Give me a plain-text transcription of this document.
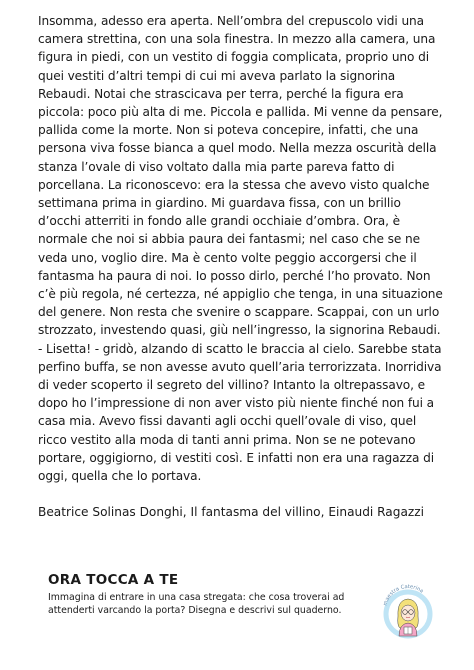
Insomma, adesso era aperta. Nell’ombra del crepuscolo vidi una camera strettina, con una sola finestra. In mezzo alla camera, una figura in piedi, con un vestito di foggia complicata, proprio uno di quei vestiti d’altri tempi di cui mi aveva parlato la signorina Rebaudi. Notai che strascicava per terra, perché la figura era piccola: poco più alta di me. Piccola e pallida. Mi venne da pensare, pallida come la morte. Non si poteva concepire, infatti, che una persona viva fosse bianca a quel modo. Nella mezza oscurità della stanza l’ovale di viso voltato dalla mia parte pareva fatto di porcellana. La riconoscevo: era la stessa che avevo visto qualche settimana prima in giardino. Mi guardava fissa, con un brillio d’occhi atterriti in fondo alle grandi occhiaie d’ombra. Ora, è normale che noi si abbia paura dei fantasmi; nel caso che se ne veda uno, voglio dire. Ma è cento volte peggio accorgersi che il fantasma ha paura di noi. Io posso dirlo, perché l’ho provato. Non c’è più regola, né certezza, né appiglio che tenga, in una situazione del genere. Non resta che svenire o scappare. Scappai, con un urlo strozzato, investendo quasi, giù nell’ingresso, la signorina Rebaudi. - Lisetta! - gridò, alzando di scatto le braccia al cielo. Sarebbe stata perfino buffa, se non avesse avuto quell’aria terrorizzata. Inorridiva di veder scoperto il segreto del villino? Intanto la oltrepassavo, e dopo ho l’impressione di non aver visto più niente finché non fui a casa mia. Avevo fissi davanti agli occhi quell’ovale di viso, quel ricco vestito alla moda di tanti anni prima. Non se ne potevano portare, oggigiorno, di vestiti così. E infatti non era una ragazza di oggi, quella che lo portava.

Beatrice Solinas Donghi, Il fantasma del villino, Einaudi Ragazzi

ORA TOCCA A TE

Immagina di entrare in una casa stregata: che cosa troverai ad attenderti varcando la porta? Disegna e descrivi sul quaderno.

maestra Caterina
